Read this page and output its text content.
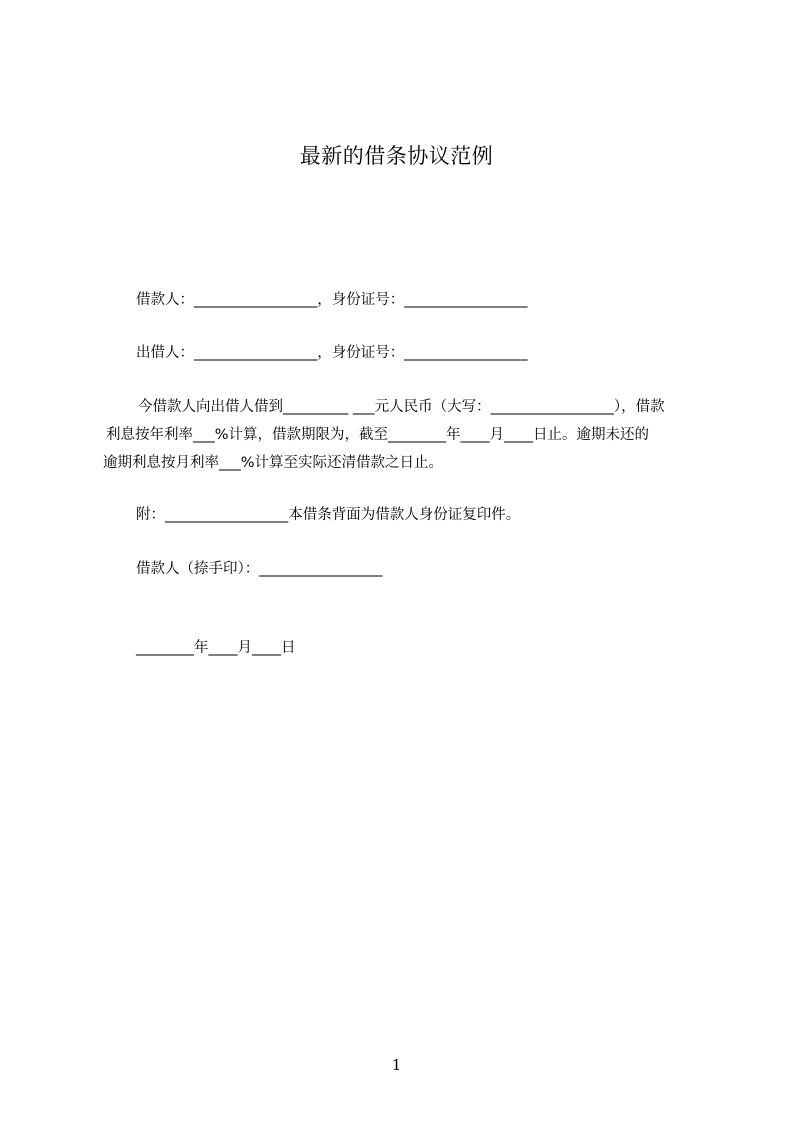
最新的借条协议范例
借款人：_________________，身份证号：_________________
出借人：_________________，身份证号：_________________
今借款人向出借人借到_________ ___元人民币（大写：_________________），借款
利息按年利率___%计算，借款期限为，截至________年____月____日止。逾期未还的
逾期利息按月利率___%计算至实际还清借款之日止。
附：_________________本借条背面为借款人身份证复印件。
借款人（捺手印）：_________________
________年____月____日
1
